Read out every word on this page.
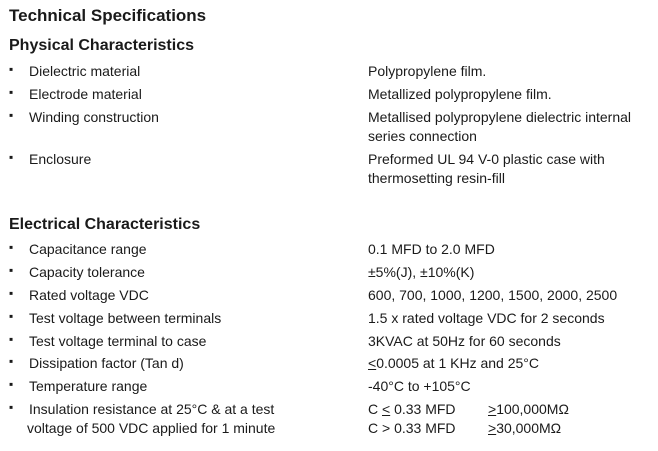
Technical Specifications
Physical Characteristics
▪ Dielectric material	Polypropylene film.
▪ Electrode material	Metallized polypropylene film.
▪ Winding construction	Metallised polypropylene dielectric internal series connection
▪ Enclosure	Preformed UL 94 V-0 plastic case with thermosetting resin-fill
Electrical Characteristics
▪ Capacitance range	0.1 MFD to 2.0 MFD
▪ Capacity tolerance	±5%(J), ±10%(K)
▪ Rated voltage VDC	600, 700, 1000, 1200, 1500, 2000, 2500
▪ Test voltage between terminals	1.5 x rated voltage VDC for 2 seconds
▪ Test voltage terminal to case	3KVAC at 50Hz for 60 seconds
▪ Dissipation factor (Tan d)	≤0.0005 at 1 KHz and 25°C
▪ Temperature range	-40°C to +105°C
▪ Insulation resistance at 25°C & at a test
voltage of 500 VDC applied for 1 minute
C ≤ 0.33 MFD	≥100,000MΩ
C > 0.33 MFD	≥30,000MΩ
